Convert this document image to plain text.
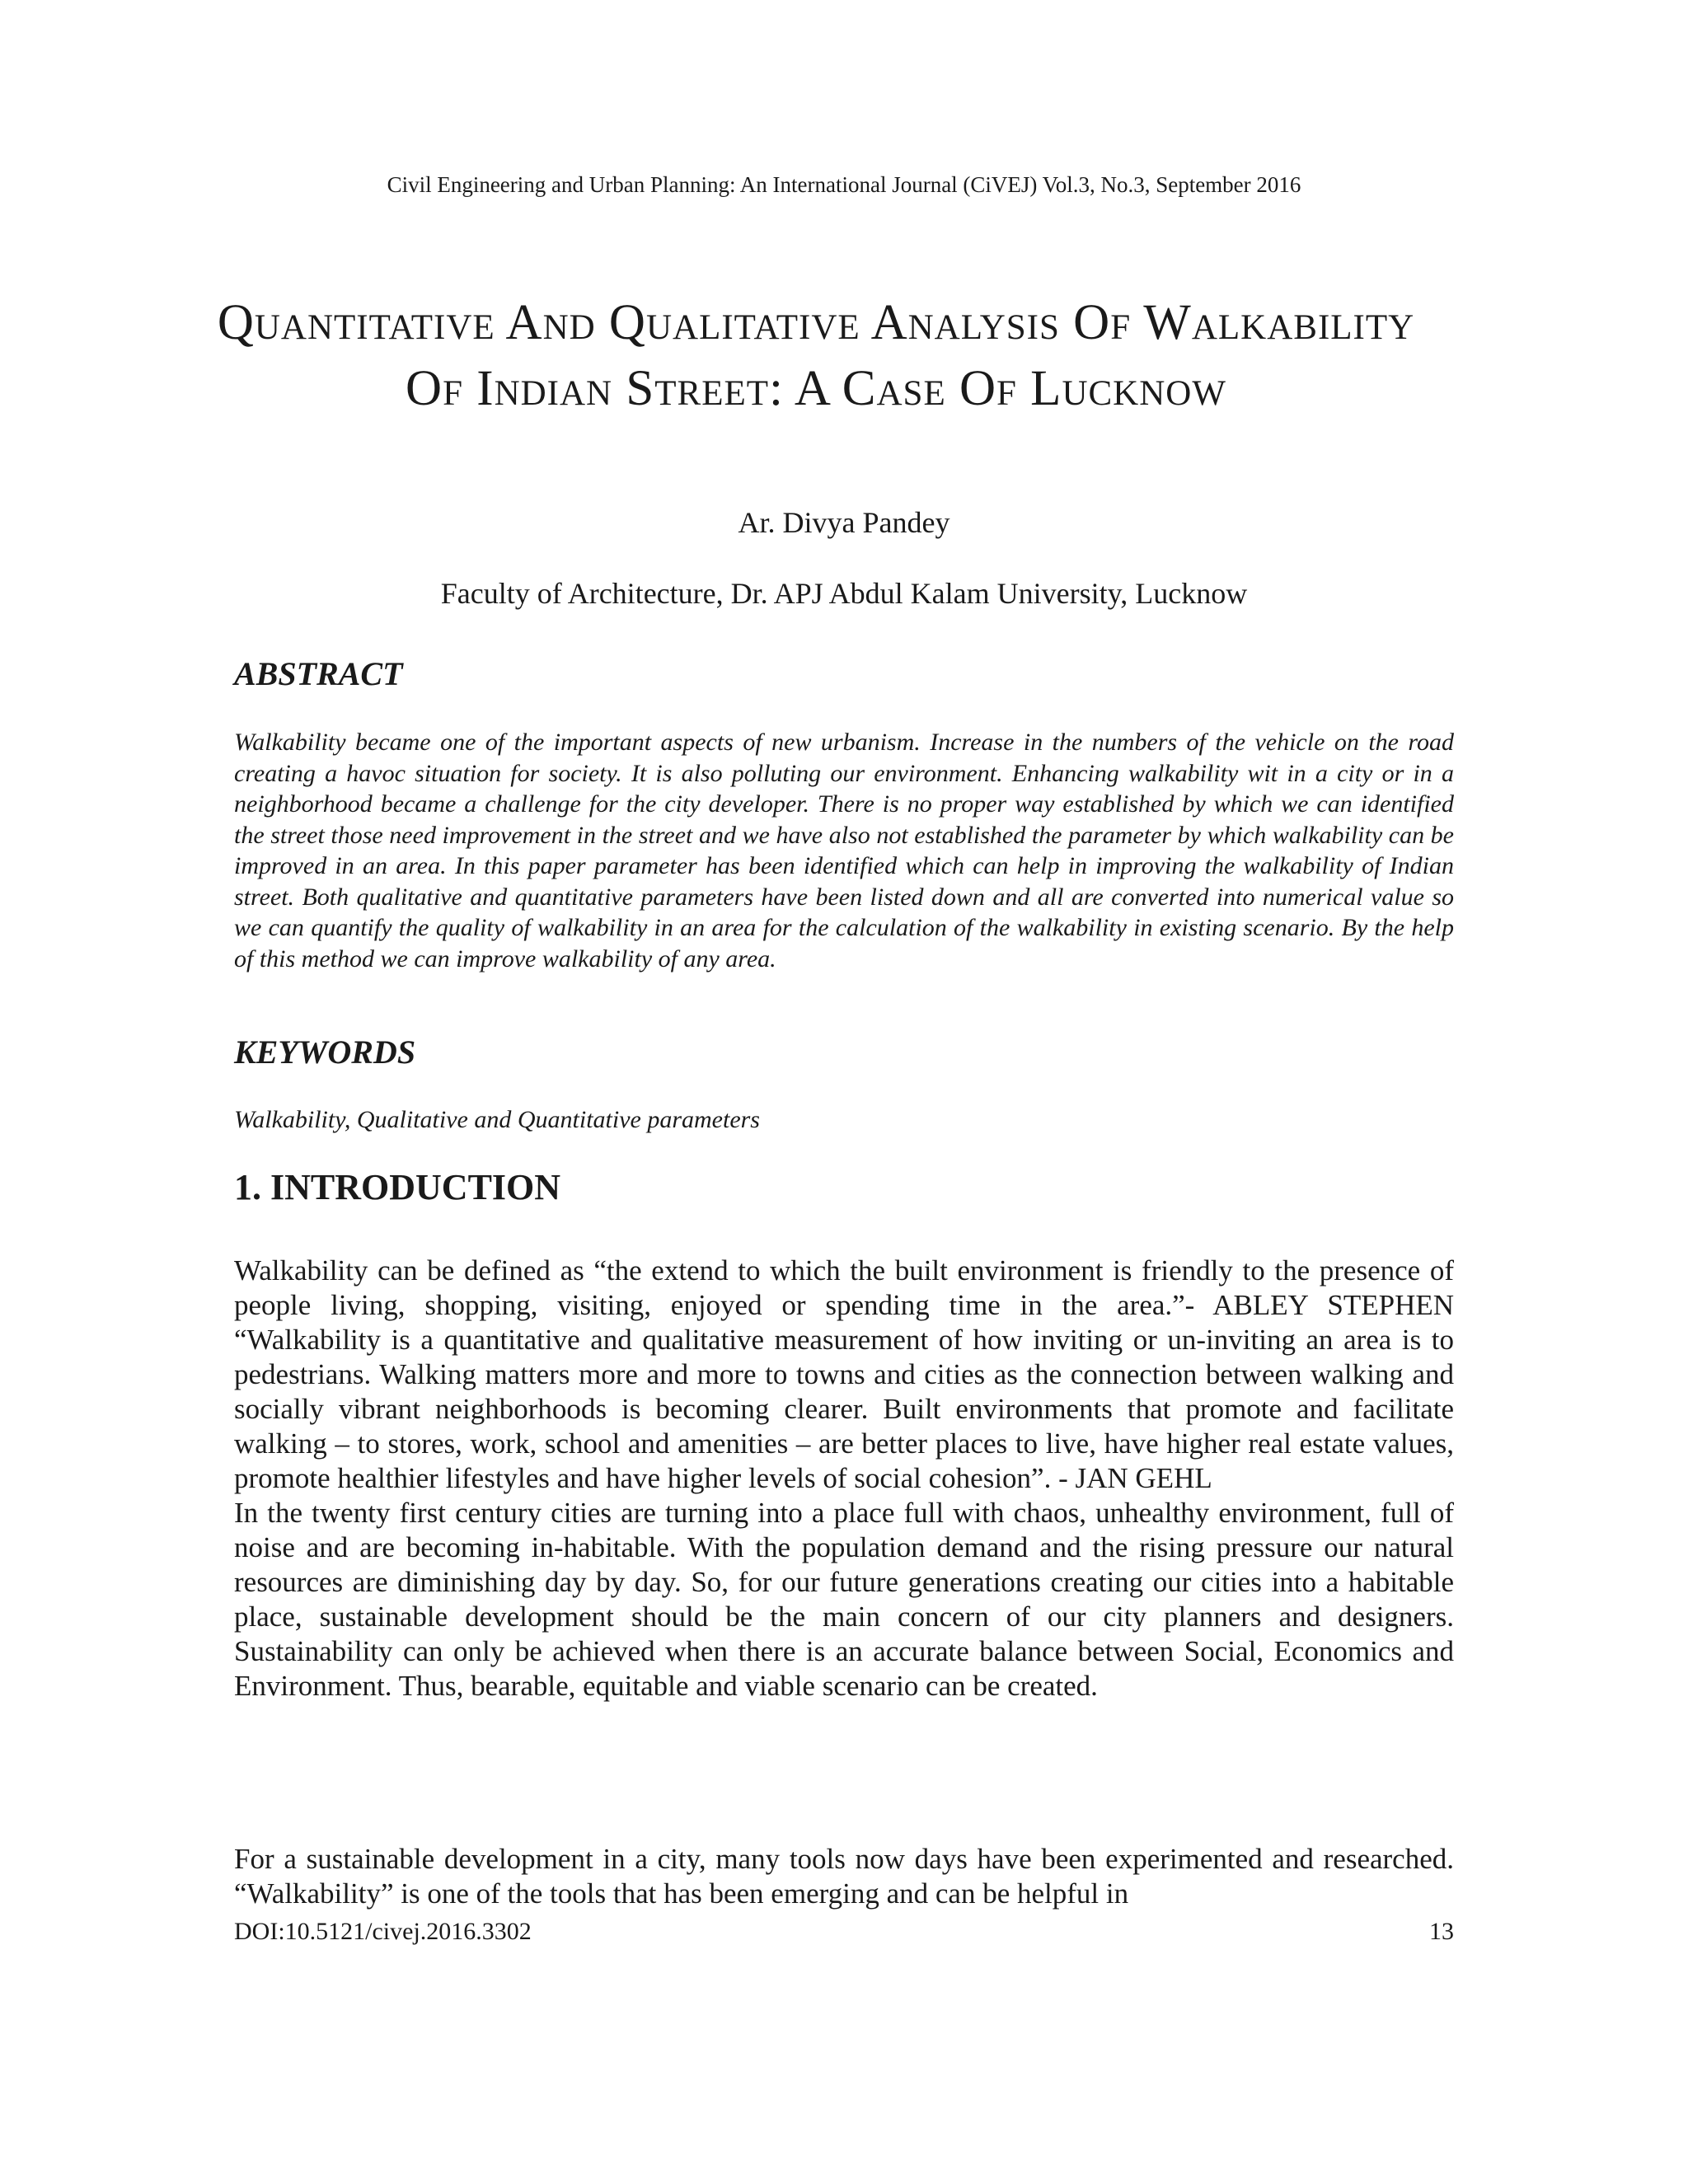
Civil Engineering and Urban Planning: An International Journal (CiVEJ) Vol.3, No.3, September 2016
Quantitative And Qualitative Analysis Of Walkability Of Indian Street: A Case Of Lucknow
Ar. Divya Pandey
Faculty of Architecture, Dr. APJ Abdul Kalam University, Lucknow
ABSTRACT

Walkability became one of the important aspects of new urbanism. Increase in the numbers of the vehicle on the road creating a havoc situation for society. It is also polluting our environment. Enhancing walkability wit in a city or in a neighborhood became a challenge for the city developer. There is no proper way established by which we can identified the street those need improvement in the street and we have also not established the parameter by which walkability can be improved in an area. In this paper parameter has been identified which can help in improving the walkability of Indian street. Both qualitative and quantitative parameters have been listed down and all are converted into numerical value so we can quantify the quality of walkability in an area for the calculation of the walkability in existing scenario. By the help of this method we can improve walkability of any area.

KEYWORDS

Walkability, Qualitative and Quantitative parameters

1. INTRODUCTION

Walkability can be defined as “the extend to which the built environment is friendly to the presence of people living, shopping, visiting, enjoyed or spending time in the area.”- ABLEY STEPHEN “Walkability is a quantitative and qualitative measurement of how inviting or un-inviting an area is to pedestrians. Walking matters more and more to towns and cities as the connection between walking and socially vibrant neighborhoods is becoming clearer. Built environments that promote and facilitate walking – to stores, work, school and amenities – are better places to live, have higher real estate values, promote healthier lifestyles and have higher levels of social cohesion”. - JAN GEHL

In the twenty first century cities are turning into a place full with chaos, unhealthy environment, full of noise and are becoming in-habitable. With the population demand and the rising pressure our natural resources are diminishing day by day. So, for our future generations creating our cities into a habitable place, sustainable development should be the main concern of our city planners and designers. Sustainability can only be achieved when there is an accurate balance between Social, Economics and Environment. Thus, bearable, equitable and viable scenario can be created.

For a sustainable development in a city, many tools now days have been experimented and researched. “Walkability” is one of the tools that has been emerging and can be helpful in

DOI:10.5121/civej.2016.3302	13
